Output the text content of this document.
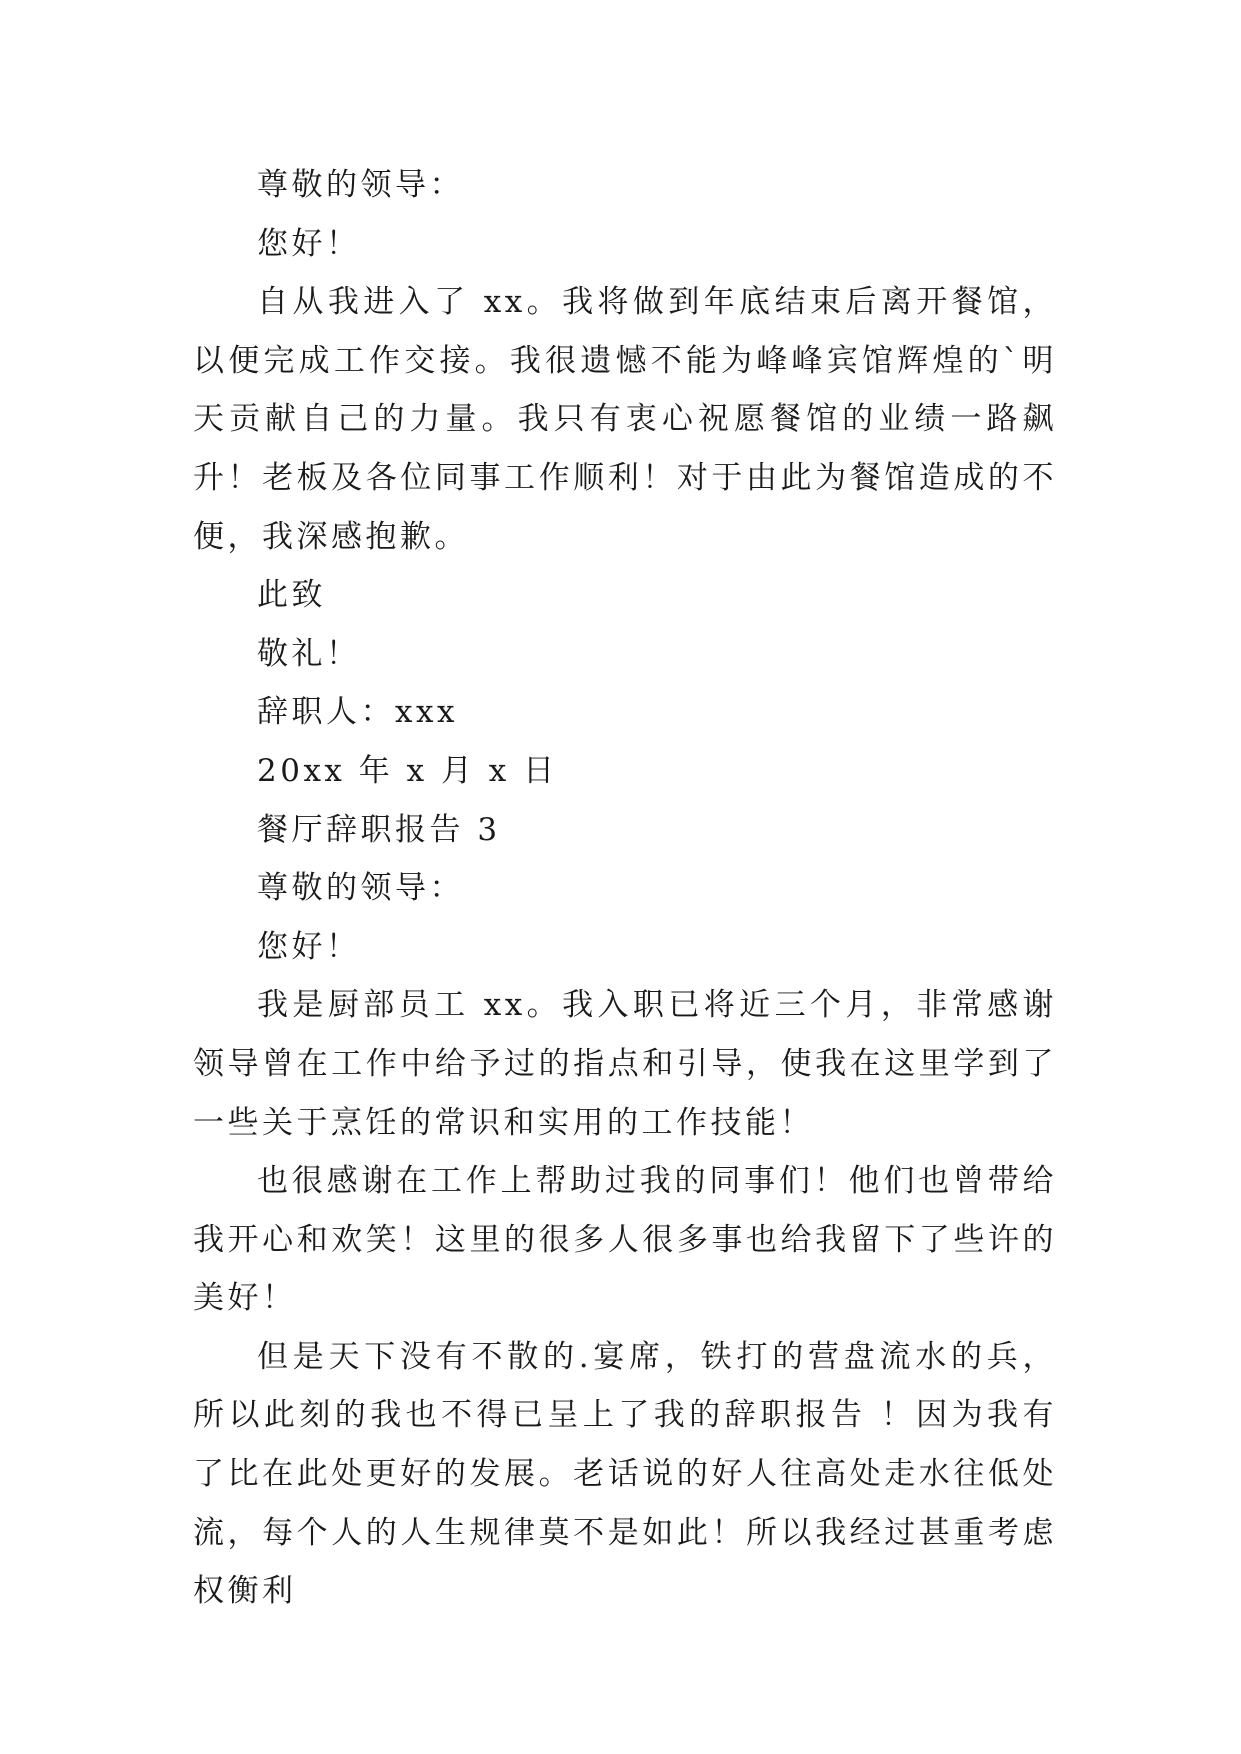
尊敬的领导：

您好！

自从我进入了 xx。我将做到年底结束后离开餐馆，以便完成工作交接。我很遗憾不能为峰峰宾馆辉煌的`明天贡献自己的力量。我只有衷心祝愿餐馆的业绩一路飙升！老板及各位同事工作顺利！对于由此为餐馆造成的不便，我深感抱歉。

此致

敬礼！

辞职人：xxx

20xx 年 x 月 x 日

餐厅辞职报告 3

尊敬的领导：

您好！

我是厨部员工 xx。我入职已将近三个月，非常感谢领导曾在工作中给予过的指点和引导，使我在这里学到了一些关于烹饪的常识和实用的工作技能！

也很感谢在工作上帮助过我的同事们！他们也曾带给我开心和欢笑！这里的很多人很多事也给我留下了些许的美好！

但是天下没有不散的.宴席，铁打的营盘流水的兵，所以此刻的我也不得已呈上了我的辞职报告 ！因为我有了比在此处更好的发展。老话说的好人往高处走水往低处流，每个人的人生规律莫不是如此！所以我经过甚重考虑权衡利
